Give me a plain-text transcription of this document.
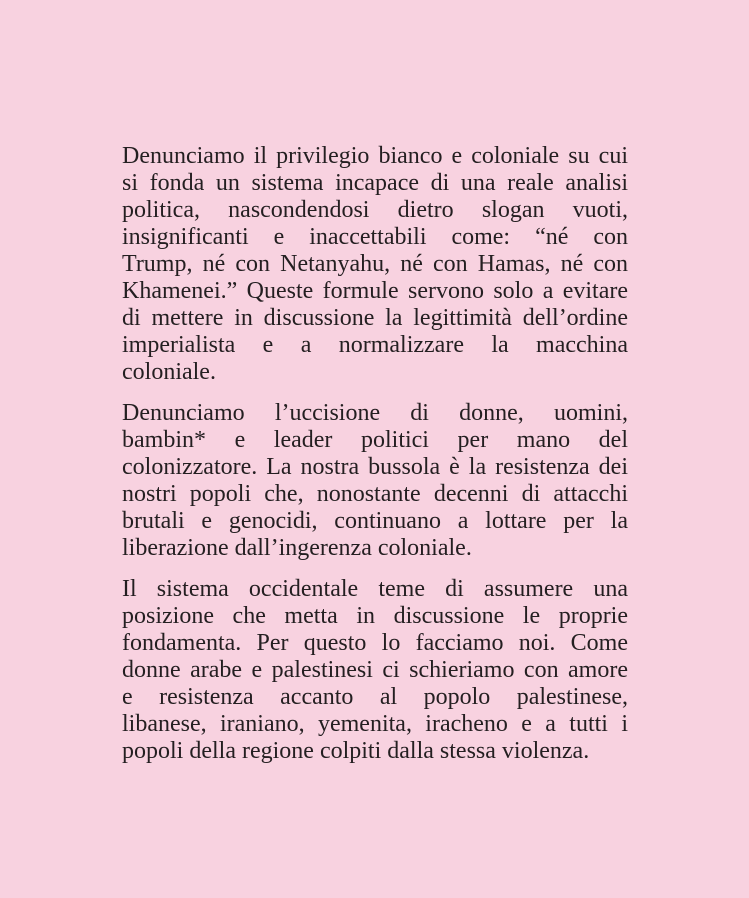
Denunciamo il privilegio bianco e coloniale su cui
si fonda un sistema incapace di una reale analisi
politica, nascondendosi dietro slogan vuoti,
insignificanti e inaccettabili come: “né con
Trump, né con Netanyahu, né con Hamas, né con
Khamenei.” Queste formule servono solo a evitare
di mettere in discussione la legittimità dell’ordine
imperialista e a normalizzare la macchina
coloniale.
Denunciamo l’uccisione di donne, uomini,
bambin* e leader politici per mano del
colonizzatore. La nostra bussola è la resistenza dei
nostri popoli che, nonostante decenni di attacchi
brutali e genocidi, continuano a lottare per la
liberazione dall’ingerenza coloniale.
Il sistema occidentale teme di assumere una
posizione che metta in discussione le proprie
fondamenta. Per questo lo facciamo noi. Come
donne arabe e palestinesi ci schieriamo con amore
e resistenza accanto al popolo palestinese,
libanese, iraniano, yemenita, iracheno e a tutti i
popoli della regione colpiti dalla stessa violenza.
